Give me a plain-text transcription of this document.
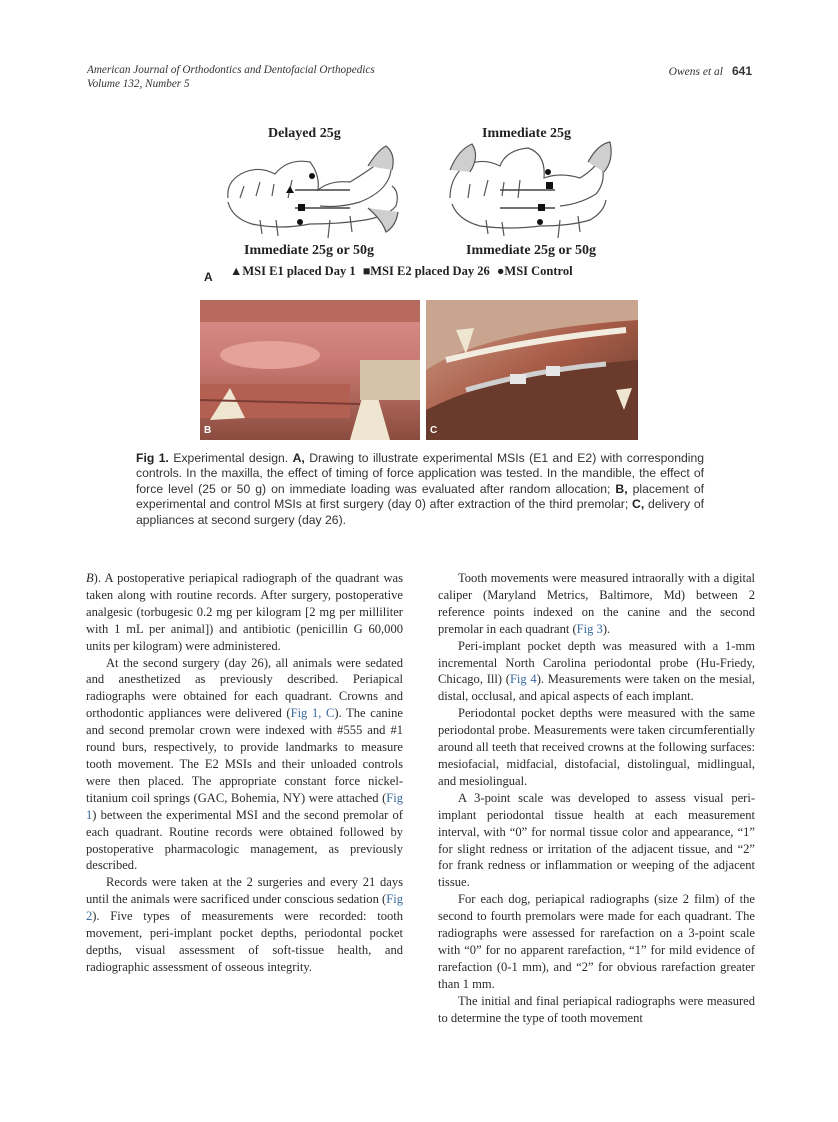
American Journal of Orthodontics and Dentofacial Orthopedics
Volume 132, Number 5
Owens et al 641
Delayed 25g	Immediate 25g
Immediate 25g or 50g	Immediate 25g or 50g
A ▲MSI E1 placed Day 1 ■MSI E2 placed Day 26 ●MSI Control
B	C
Fig 1. Experimental design. A, Drawing to illustrate experimental MSIs (E1 and E2) with corresponding controls. In the maxilla, the effect of timing of force application was tested. In the mandible, the effect of force level (25 or 50 g) on immediate loading was evaluated after random allocation; B, placement of experimental and control MSIs at first surgery (day 0) after extraction of the third premolar; C, delivery of appliances at second surgery (day 26).

B). A postoperative periapical radiograph of the quadrant was taken along with routine records. After surgery, postoperative analgesic (torbugesic 0.2 mg per kilogram [2 mg per milliliter with 1 mL per animal]) and antibiotic (penicillin G 60,000 units per kilogram) were administered.

At the second surgery (day 26), all animals were sedated and anesthetized as previously described. Periapical radiographs were obtained for each quadrant. Crowns and orthodontic appliances were delivered (Fig 1, C). The canine and second premolar crown were indexed with #555 and #1 round burs, respectively, to provide landmarks to measure tooth movement. The E2 MSIs and their unloaded controls were then placed. The appropriate constant force nickel-titanium coil springs (GAC, Bohemia, NY) were attached (Fig 1) between the experimental MSI and the second premolar of each quadrant. Routine records were obtained followed by postoperative pharmacologic management, as previously described.

Records were taken at the 2 surgeries and every 21 days until the animals were sacrificed under conscious sedation (Fig 2). Five types of measurements were recorded: tooth movement, peri-implant pocket depths, periodontal pocket depths, visual assessment of soft-tissue health, and radiographic assessment of osseous integrity.

Tooth movements were measured intraorally with a digital caliper (Maryland Metrics, Baltimore, Md) between 2 reference points indexed on the canine and the second premolar in each quadrant (Fig 3).

Peri-implant pocket depth was measured with a 1-mm incremental North Carolina periodontal probe (Hu-Friedy, Chicago, Ill) (Fig 4). Measurements were taken on the mesial, distal, occlusal, and apical aspects of each implant.

Periodontal pocket depths were measured with the same periodontal probe. Measurements were taken circumferentially around all teeth that received crowns at the following surfaces: mesiofacial, midfacial, distofacial, distolingual, midlingual, and mesiolingual.

A 3-point scale was developed to assess visual peri-implant periodontal tissue health at each measurement interval, with “0” for normal tissue color and appearance, “1” for slight redness or irritation of the adjacent tissue, and “2” for frank redness or inflammation or weeping of the adjacent tissue.

For each dog, periapical radiographs (size 2 film) of the second to fourth premolars were made for each quadrant. The radiographs were assessed for rarefaction on a 3-point scale with “0” for no apparent rarefaction, “1” for mild evidence of rarefaction (0-1 mm), and “2” for obvious rarefaction greater than 1 mm.

The initial and final periapical radiographs were measured to determine the type of tooth movement
